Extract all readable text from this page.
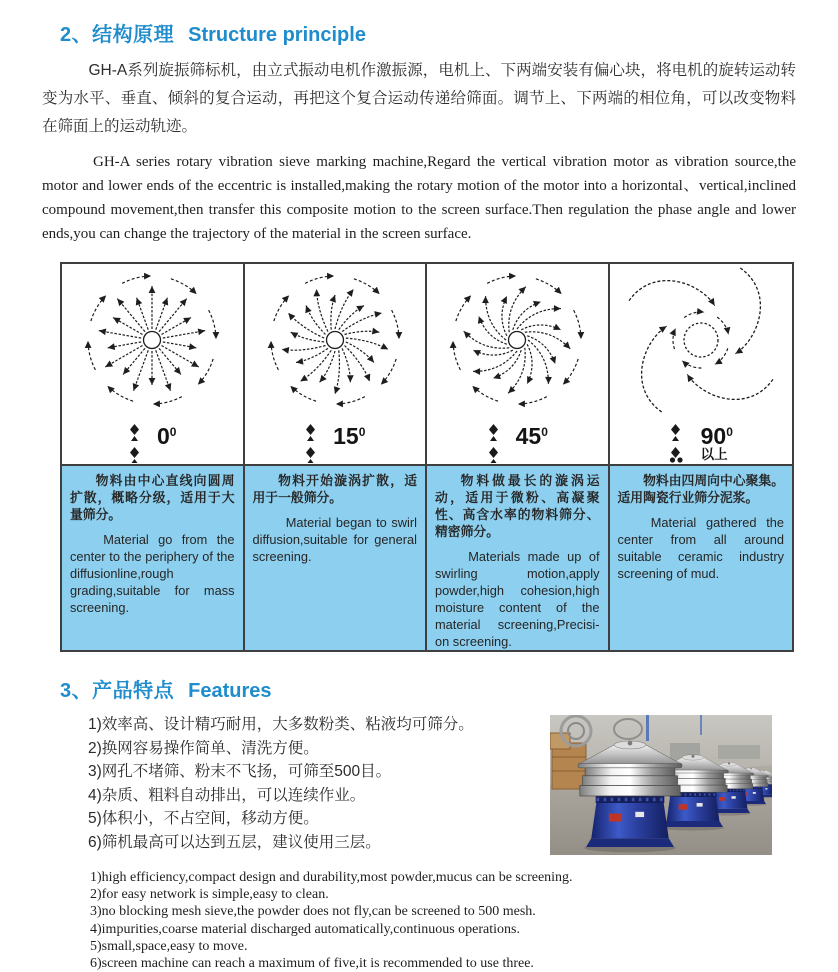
2、结构原理 Structure principle

GH-A系列旋振筛标机，由立式振动电机作激振源，电机上、下两端安装有偏心块，将电机的旋转运动转变为水平、垂直、倾斜的复合运动，再把这个复合运动传递给筛面。调节上、下两端的相位角，可以改变物料在筛面上的运动轨迹。

GH-A series rotary vibration sieve marking machine,Regard the vertical vibration motor as vibration source,the motor and lower ends of the eccentric is installed,making the rotary motion of the motor into a horizontal、vertical,inclined compound movement,then transfer this composite motion to the screen surface.Then regulation the phase angle and lower ends,you can change the trajectory of the material in the screen surface.

$0^0$	$15^0$	$45^0$	$90^0$
以上

物料由中心直线向圆周扩散，概略分级，适用于大量筛分。

Material go from the center to the periphery of the diffusionline,rough grading,suitable for mass screening.

物料开始漩涡扩散，适用于一般筛分。

Material began to swirl diffusion,suitable for general screening.

物料做最长的漩涡运动，适用于微粉、高凝聚性、高含水率的物料筛分、精密筛分。

Materials made up of swirling motion,apply powder,high cohesion,high moisture content of the material screening,Precisi-on screening.

物料由四周向中心聚集。适用陶瓷行业筛分泥浆。

Material gathered the center from all around suitable ceramic industry screening of mud.

3、产品特点 Features
1)效率高、设计精巧耐用，大多数粉类、粘液均可筛分。
2)换网容易操作简单、清洗方便。
3)网孔不堵筛、粉末不飞扬，可筛至500目。
4)杂质、粗料自动排出，可以连续作业。
5)体积小，不占空间，移动方便。
6)筛机最高可以达到五层，建议使用三层。
1)high efficiency,compact design and durability,most powder,mucus can be screening.
2)for easy network is simple,easy to clean.
3)no blocking mesh sieve,the powder does not fly,can be screened to 500 mesh.
4)impurities,coarse material discharged automatically,continuous operations.
5)small,space,easy to move.
6)screen machine can reach a maximum of five,it is recommended to use three.
